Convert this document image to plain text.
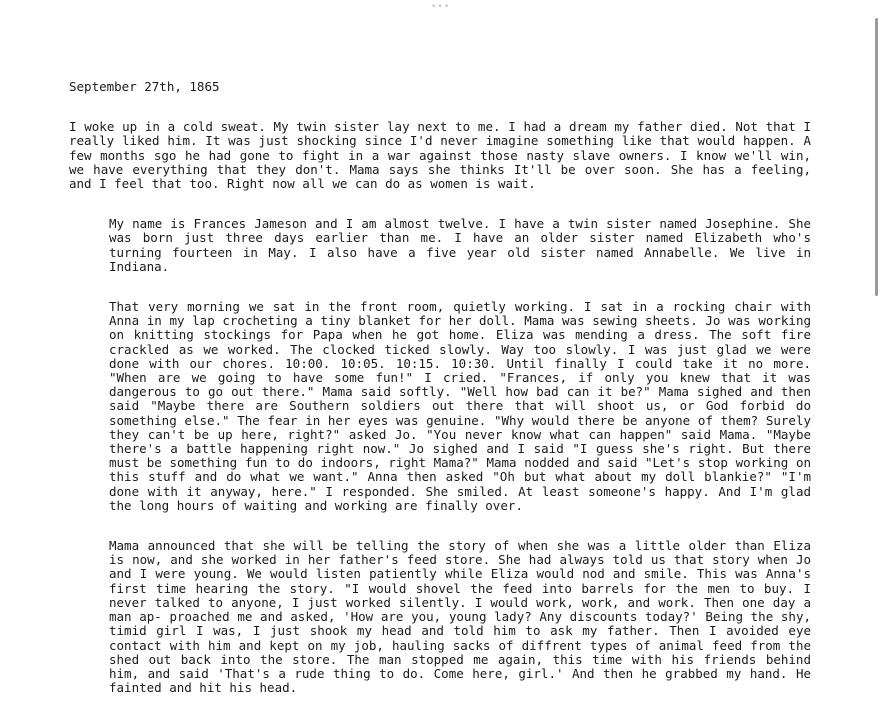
•••
September 27th, 1865

I woke up in a cold sweat. My twin sister lay next to me. I had a dream my father died. Not that I really liked him. It was just shocking since I'd never imagine something like that would happen. A few months sgo he had gone to fight in a war against those nasty slave owners. I know we'll win, we have everything that they don't. Mama says she thinks It'll be over soon. She has a feeling, and I feel that too. Right now all we can do as women is wait.

My name is Frances Jameson and I am almost twelve. I have a twin sister named Josephine. She was born just three days earlier than me. I have an older sister named Elizabeth who's turning fourteen in May. I also have a five year old sister named Annabelle. We live in Indiana.

That very morning we sat in the front room, quietly working. I sat in a rocking chair with Anna in my lap crocheting a tiny blanket for her doll. Mama was sewing sheets. Jo was working on knitting stockings for Papa when he got home. Eliza was mending a dress. The soft fire crackled as we worked. The clocked ticked slowly. Way too slowly. I was just glad we were done with our chores. 10:00. 10:05. 10:15. 10:30. Until finally I could take it no more. "When are we going to have some fun!" I cried. "Frances, if only you knew that it was dangerous to go out there." Mama said softly. "Well how bad can it be?" Mama sighed and then said "Maybe there are Southern soldiers out there that will shoot us, or God forbid do something else." The fear in her eyes was genuine. "Why would there be anyone of them? Surely they can't be up here, right?" asked Jo. "You never know what can happen" said Mama. "Maybe there's a battle happening right now." Jo sighed and I said "I guess she's right. But there must be something fun to do indoors, right Mama?" Mama nodded and said "Let's stop working on this stuff and do what we want." Anna then asked "Oh but what about my doll blankie?" "I'm done with it anyway, here." I responded. She smiled. At least someone's happy. And I'm glad the long hours of waiting and working are finally over.

Mama announced that she will be telling the story of when she was a little older than Eliza is now, and she worked in her father's feed store. She had always told us that story when Jo and I were young. We would listen patiently while Eliza would nod and smile. This was Anna's first time hearing the story. "I would shovel the feed into barrels for the men to buy. I never talked to anyone, I just worked silently. I would work, work, and work. Then one day a man ap- proached me and asked, 'How are you, young lady? Any discounts today?' Being the shy, timid girl I was, I just shook my head and told him to ask my father. Then I avoided eye contact with him and kept on my job, hauling sacks of diffrent types of animal feed from the shed out back into the store. The man stopped me again, this time with his friends behind him, and said 'That's a rude thing to do. Come here, girl.' And then he grabbed my hand. He fainted and hit his head.
